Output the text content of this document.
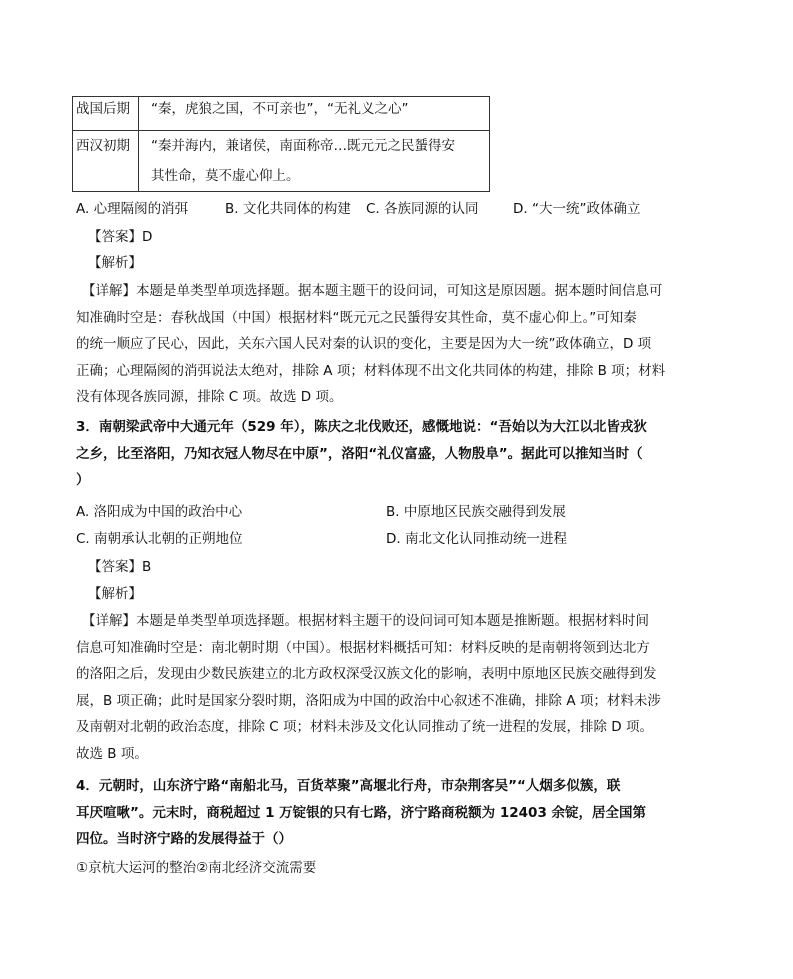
战国后期	“秦，虎狼之国，不可亲也”，“无礼义之心”

西汉初期	“秦并海内，兼诸侯，南面称帝…既元元之民蜑得安
其性命，莫不虚心仰上。
A. 心理隔阂的消弭	B. 文化共同体的构建 C. 各族同源的认同	D. “大一统”政体确立
【答案】D
【解析】
【详解】本题是单类型单项选择题。据本题主题干的设问词，可知这是原因题。据本题时间信息可
知准确时空是：春秋战国（中国）根据材料“既元元之民蜑得安其性命，莫不虚心仰上。”可知秦
的统一顺应了民心，因此，关东六国人民对秦的认识的变化，主要是因为大一统”政体确立，D 项
正确；心理隔阂的消弭说法太绝对，排除 A 项；材料体现不出文化共同体的构建，排除 B 项；材料
没有体现各族同源，排除 C 项。故选 D 项。
3．南朝梁武帝中大通元年（529 年），陈庆之北伐败还，感慨地说：“吾始以为大江以北皆戎狄
之乡，比至洛阳，乃知衣冠人物尽在中原”，洛阳“礼仪富盛，人物殷阜”。据此可以推知当时（
）
A. 洛阳成为中国的政治中心	B. 中原地区民族交融得到发展
C. 南朝承认北朝的正朔地位	D. 南北文化认同推动统一进程
【答案】B
【解析】
【详解】本题是单类型单项选择题。根据材料主题干的设问词可知本题是推断题。根据材料时间
信息可知准确时空是：南北朝时期（中国）。根据材料概括可知：材料反映的是南朝将领到达北方
的洛阳之后，发现由少数民族建立的北方政权深受汉族文化的影响，表明中原地区民族交融得到发
展，B 项正确；此时是国家分裂时期，洛阳成为中国的政治中心叙述不准确，排除 A 项；材料未涉
及南朝对北朝的政治态度，排除 C 项；材料未涉及文化认同推动了统一进程的发展，排除 D 项。
故选 B 项。
4．元朝时，山东济宁路“南船北马，百货萃聚”高堰北行舟，市杂荆客吴”“人烟多似簇，联
耳厌喧啾”。元末时，商税超过 1 万锭银的只有七路，济宁路商税额为 12403 余锭，居全国第
四位。当时济宁路的发展得益于（）
①京杭大运河的整治②南北经济交流需要
